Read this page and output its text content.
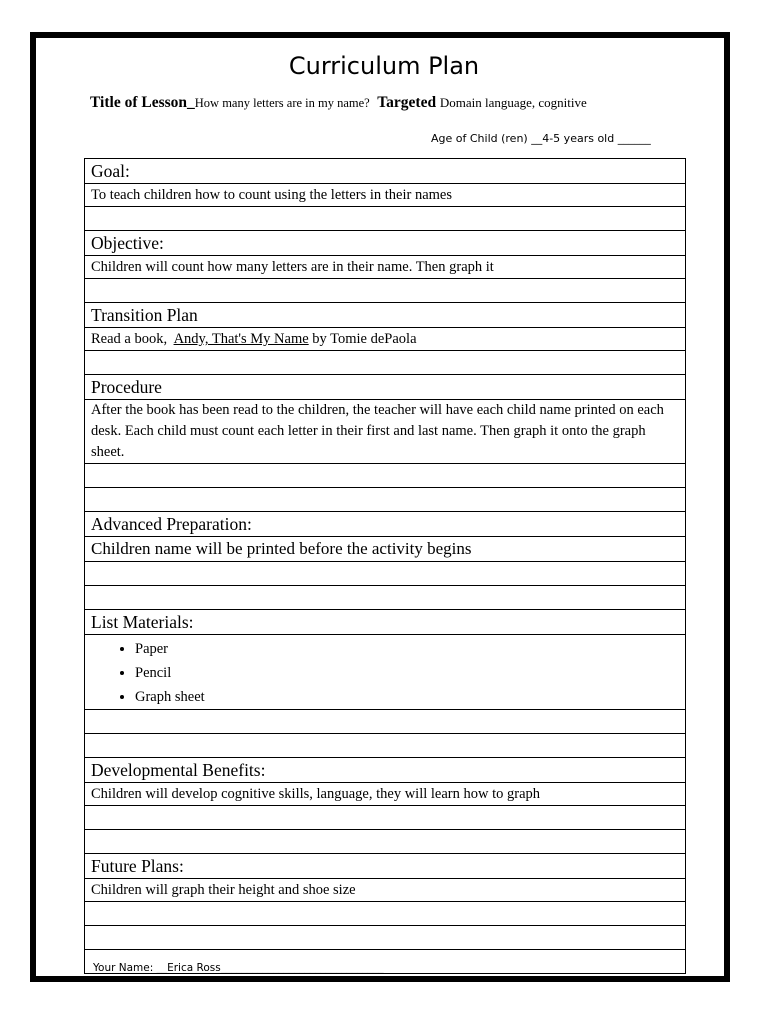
Curriculum Plan
Title of Lesson_How many letters are in my name? Targeted Domain language, cognitive
Age of Child (ren) __4-5 years old ______
Goal:
To teach children how to count using the letters in their names

Objective:
Children will count how many letters are in their name. Then graph it

Transition Plan
Read a book,  Andy, That's My Name by Tomie dePaola

Procedure
After the book has been read to the children, the teacher will have each child name printed on each desk. Each child must count each letter in their first and last name. Then graph it onto the graph sheet.

Advanced Preparation:
Children name will be printed before the activity begins

List Materials:

• Paper
• Pencil
• Graph sheet

Developmental Benefits:
Children will develop cognitive skills, language, they will learn how to graph

Future Plans:
Children will graph their height and shoe size

Your Name: __Erica Ross_______________________________
